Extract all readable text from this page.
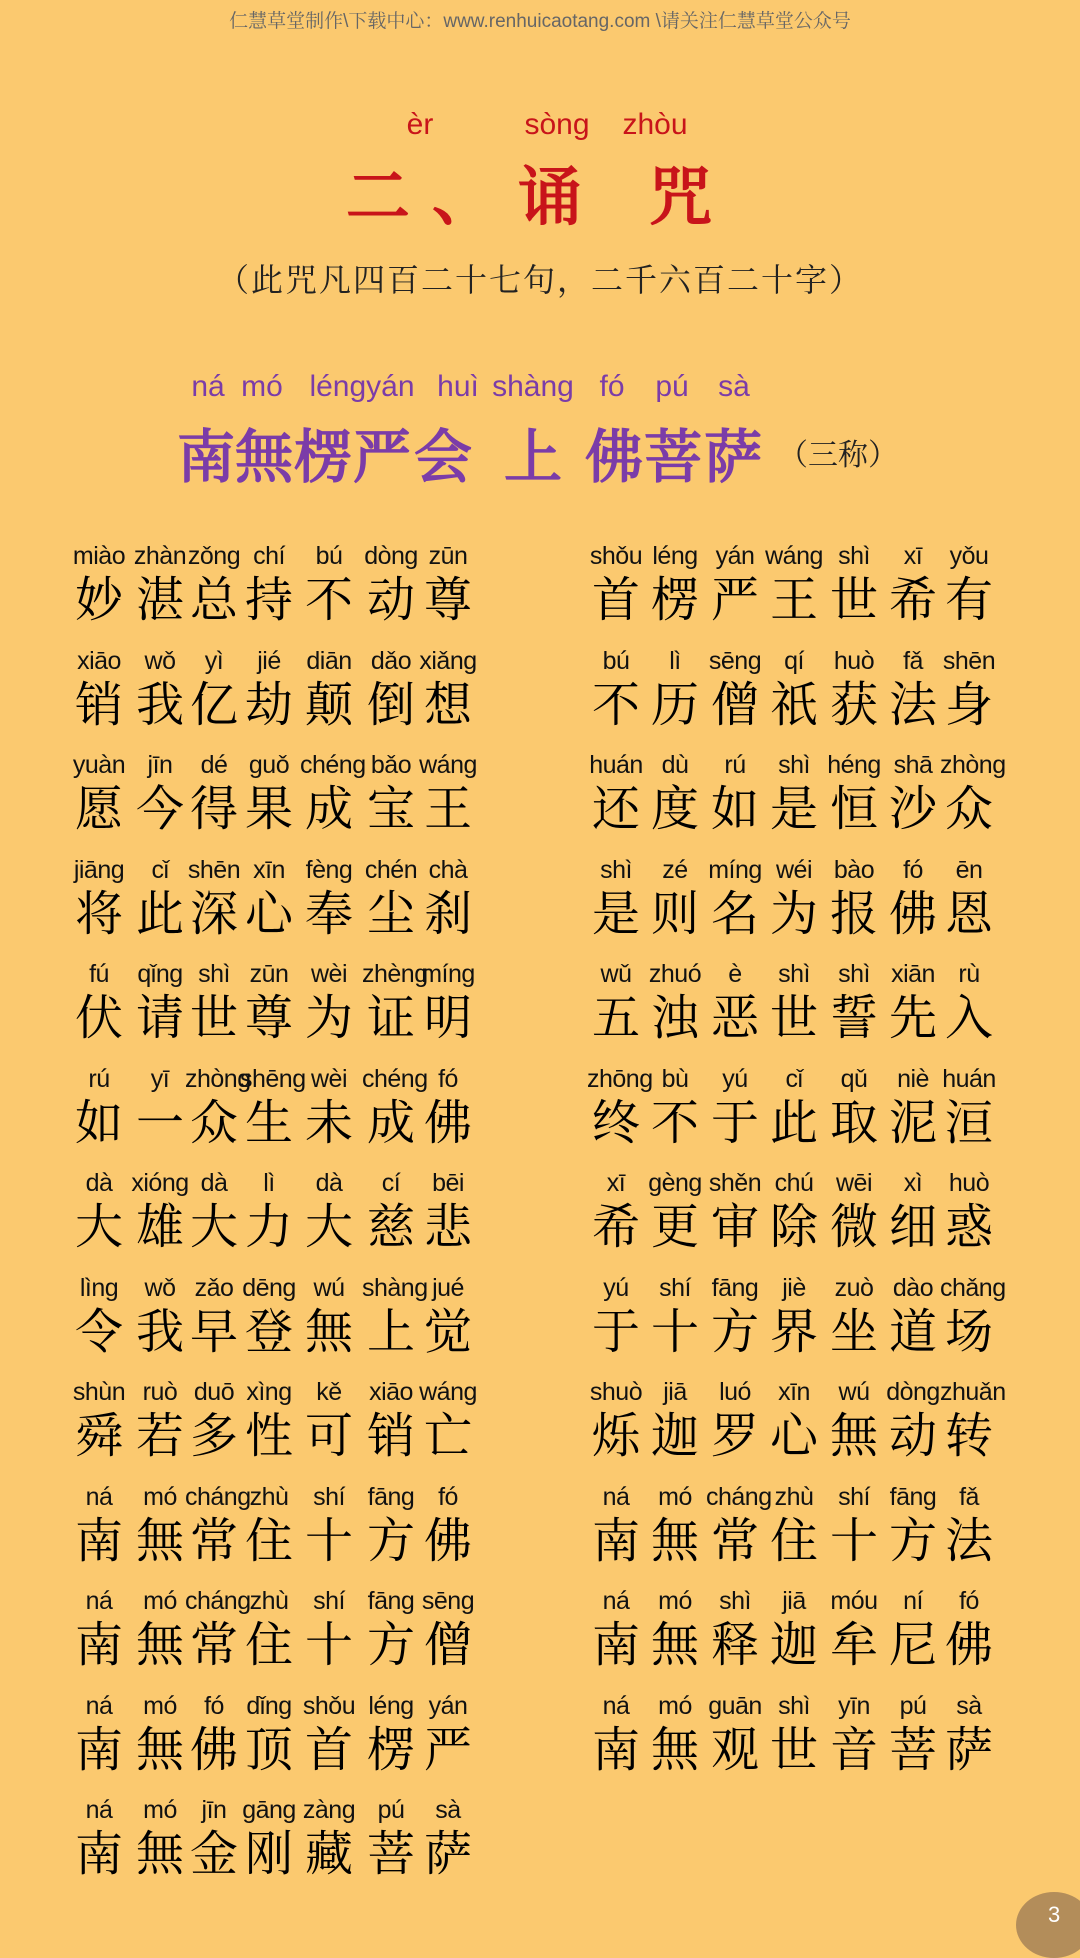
仁慧草堂制作\下载中心：www.renhuicaotang.com \请关注仁慧草堂公众号
èr	sòng zhòu
二、诵 咒
（此咒凡四百二十七句，二千六百二十字）
ná mó léngyán huì shàng fó pú sà
南 無 楞 严 会 上 佛 菩 萨 （三称）
miào
妙
zhàn
湛
zǒng
总
chí
持
bú
不
dòng
动
zūn
尊
xiāo
销
wǒ
我
yì
亿
jié
劫
diān
颠
dǎo
倒
xiǎng
想
yuàn
愿
jīn
今
dé
得
guǒ
果
chéng
成
bǎo
宝
wáng
王
jiāng
将
cǐ
此
shēn
深
xīn
心
fèng
奉
chén
尘
chà
刹
fú
伏
qǐng
请
shì
世
zūn
尊
wèi
为
zhèng
证
míng
明
rú
如
yī
一
zhòng
众
shēng
生
wèi
未
chéng
成
fó
佛
dà
大
xióng
雄
dà
大
lì
力
dà
大
cí
慈
bēi
悲
lìng
令
wǒ
我
zǎo
早
dēng
登
wú
無
shàng
上
jué
觉
shùn
舜
ruò
若
duō
多
xìng
性
kě
可
xiāo
销
wáng
亡
ná
南
mó
無
cháng
常
zhù
住
shí
十
fāng
方
fó
佛
ná
南
mó
無
cháng
常
zhù
住
shí
十
fāng
方
sēng
僧
ná
南
mó
無
fó
佛
dǐng
顶
shǒu
首
léng
楞
yán
严
ná
南
mó
無
jīn
金
gāng
刚
zàng
藏
pú
菩
sà
萨
shǒu
首
léng
楞
yán
严
wáng
王
shì
世
xī
希
yǒu
有
bú
不
lì
历
sēng
僧
qí
祇
huò
获
fǎ
法
shēn
身
huán
还
dù
度
rú
如
shì
是
héng
恒
shā
沙
zhòng
众
shì
是
zé
则
míng
名
wéi
为
bào
报
fó
佛
ēn
恩
wǔ
五
zhuó
浊
è
恶
shì
世
shì
誓
xiān
先
rù
入
zhōng
终
bù
不
yú
于
cǐ
此
qǔ
取
niè
泥
huán
洹
xī
希
gèng
更
shěn
审
chú
除
wēi
微
xì
细
huò
惑
yú
于
shí
十
fāng
方
jiè
界
zuò
坐
dào
道
chǎng
场
shuò
烁
jiā
迦
luó
罗
xīn
心
wú
無
dòng
动
zhuǎn
转
ná
南
mó
無
cháng
常
zhù
住
shí
十
fāng
方
fǎ
法
ná
南
mó
無
shì
释
jiā
迦
móu
牟
ní
尼
fó
佛
ná
南
mó
無
guān
观
shì
世
yīn
音
pú
菩
sà
萨
3
